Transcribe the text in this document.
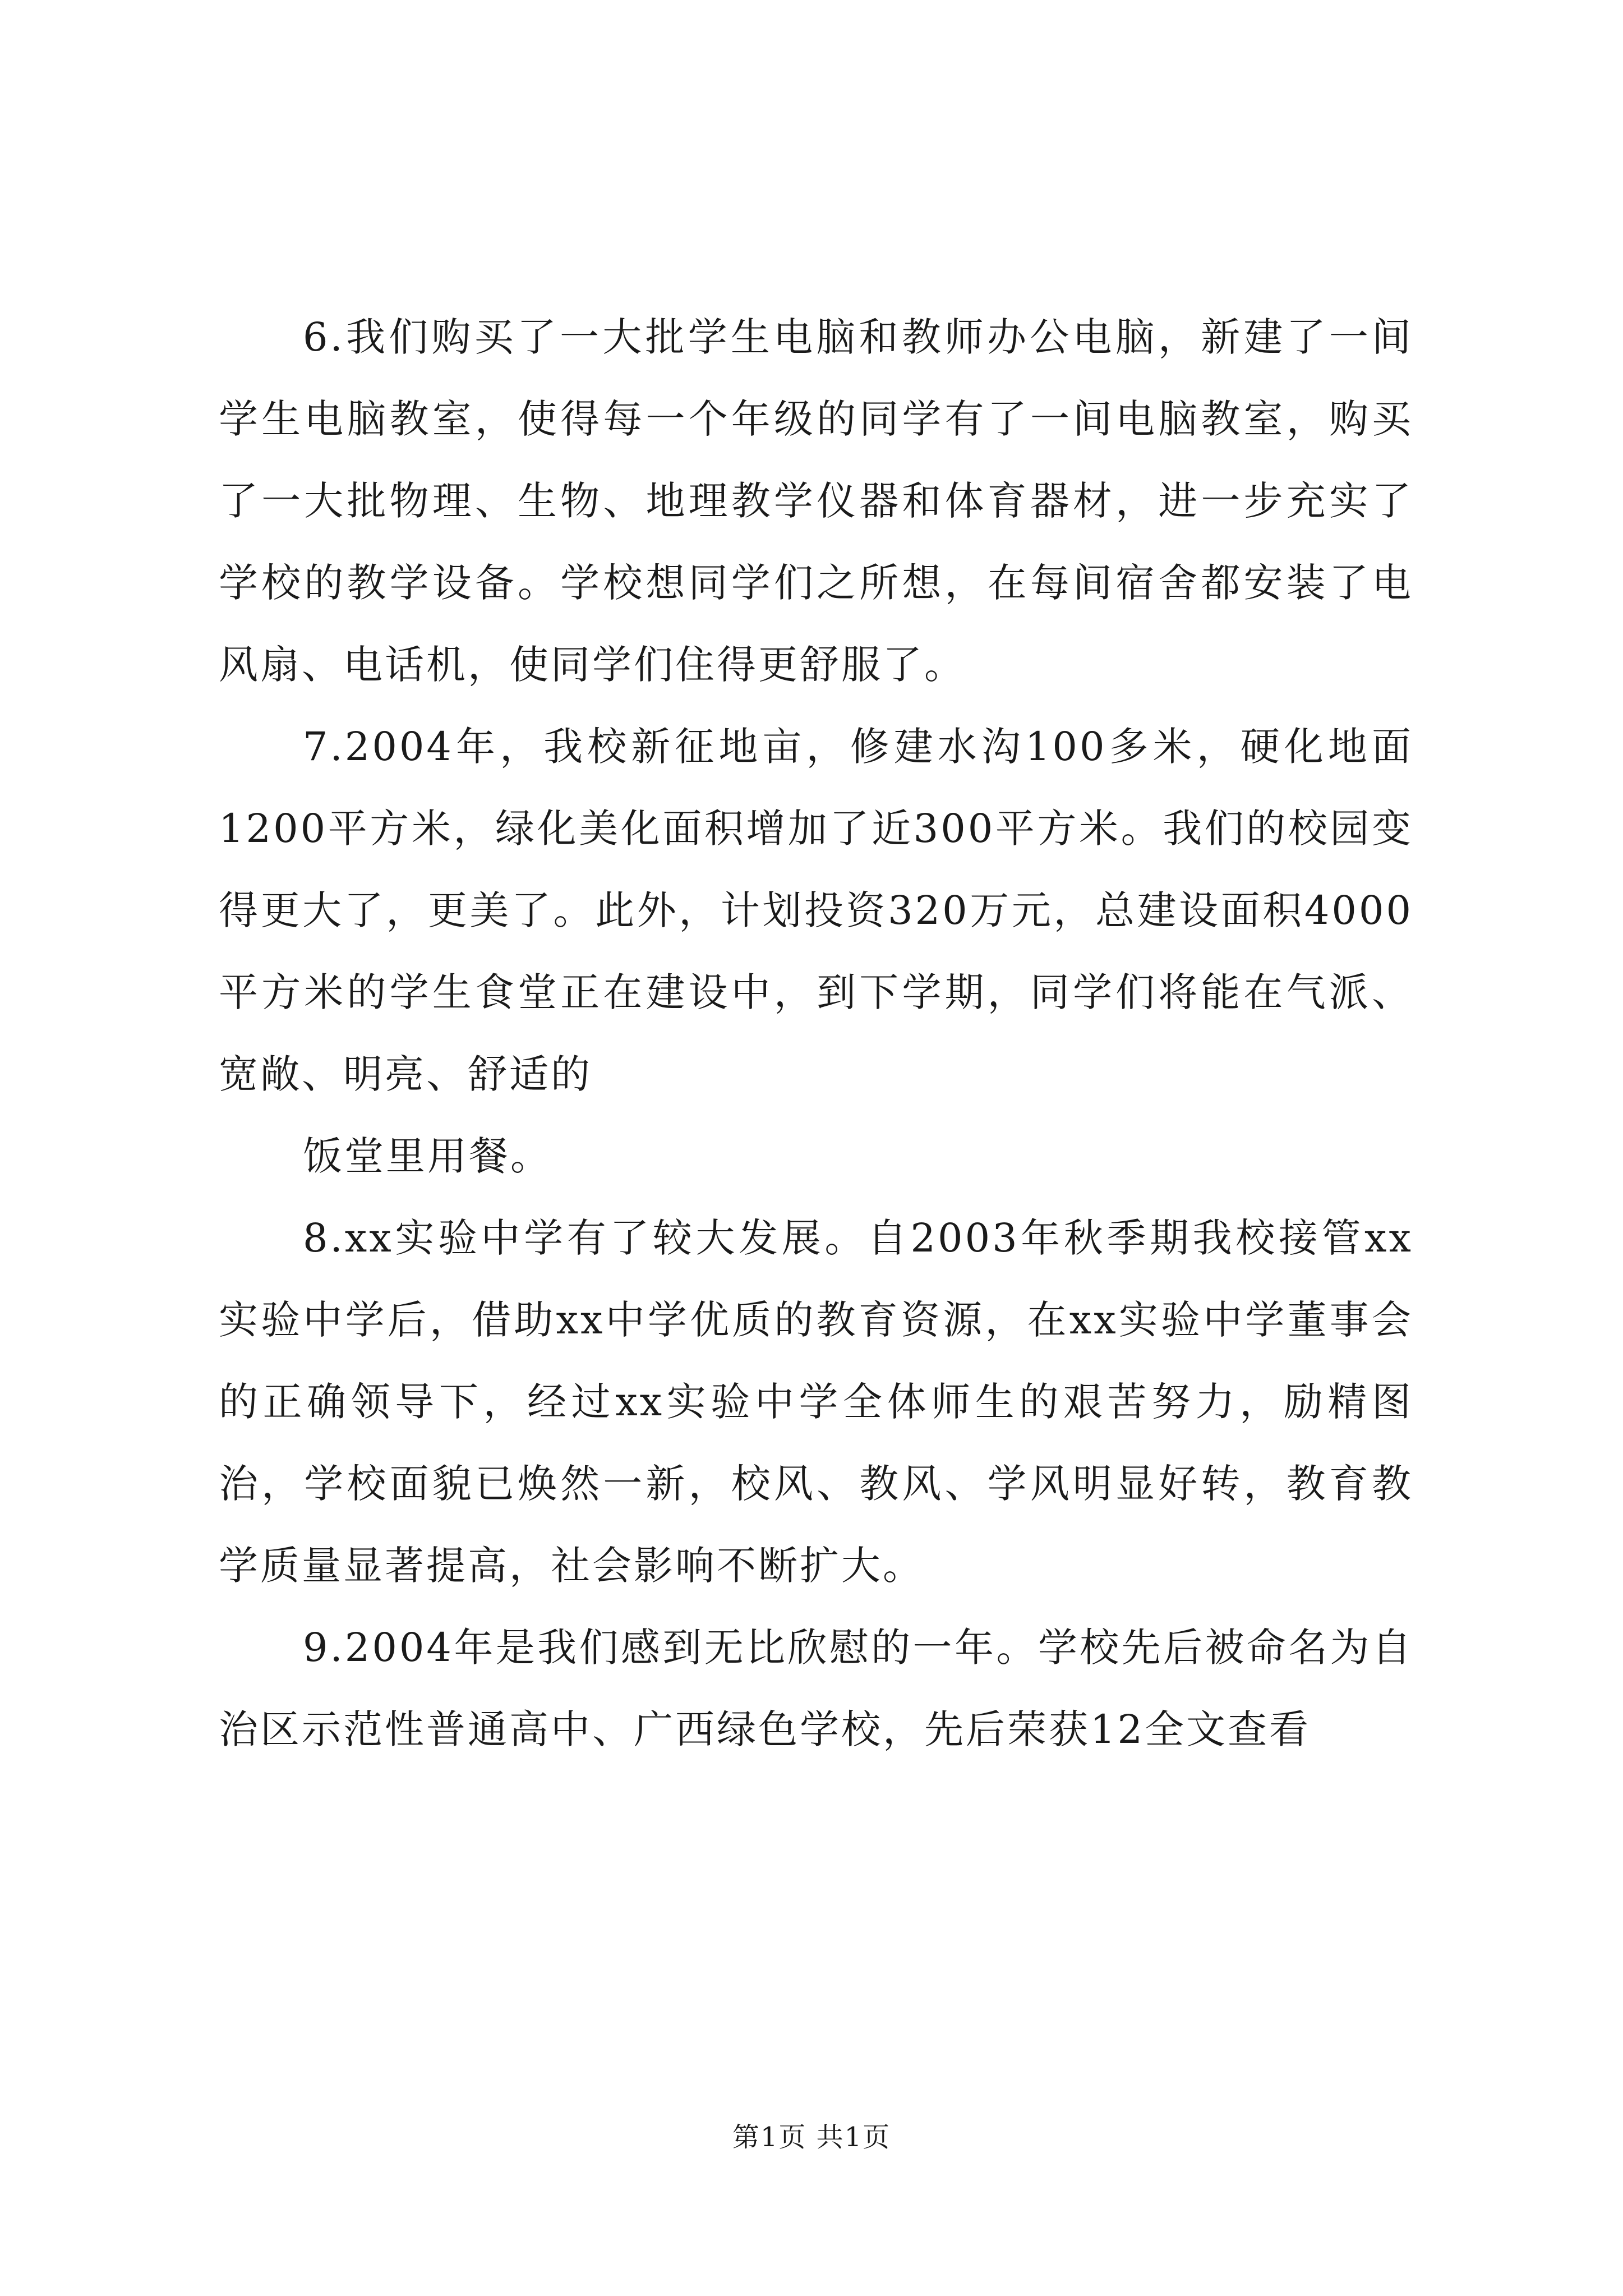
6.我们购买了一大批学生电脑和教师办公电脑，新建了一间学生电脑教室，使得每一个年级的同学有了一间电脑教室，购买了一大批物理、生物、地理教学仪器和体育器材，进一步充实了学校的教学设备。学校想同学们之所想，在每间宿舍都安装了电风扇、电话机，使同学们住得更舒服了。

7.2004年，我校新征地亩，修建水沟100多米，硬化地面1200平方米，绿化美化面积增加了近300平方米。我们的校园变得更大了，更美了。此外，计划投资320万元，总建设面积4000平方米的学生食堂正在建设中，到下学期，同学们将能在气派、宽敞、明亮、舒适的

饭堂里用餐。

8.xx实验中学有了较大发展。自2003年秋季期我校接管xx实验中学后，借助xx中学优质的教育资源，在xx实验中学董事会的正确领导下，经过xx实验中学全体师生的艰苦努力，励精图治，学校面貌已焕然一新，校风、教风、学风明显好转，教育教学质量显著提高，社会影响不断扩大。

9.2004年是我们感到无比欣慰的一年。学校先后被命名为自治区示范性普通高中、广西绿色学校，先后荣获12全文查看

第1页 共1页
